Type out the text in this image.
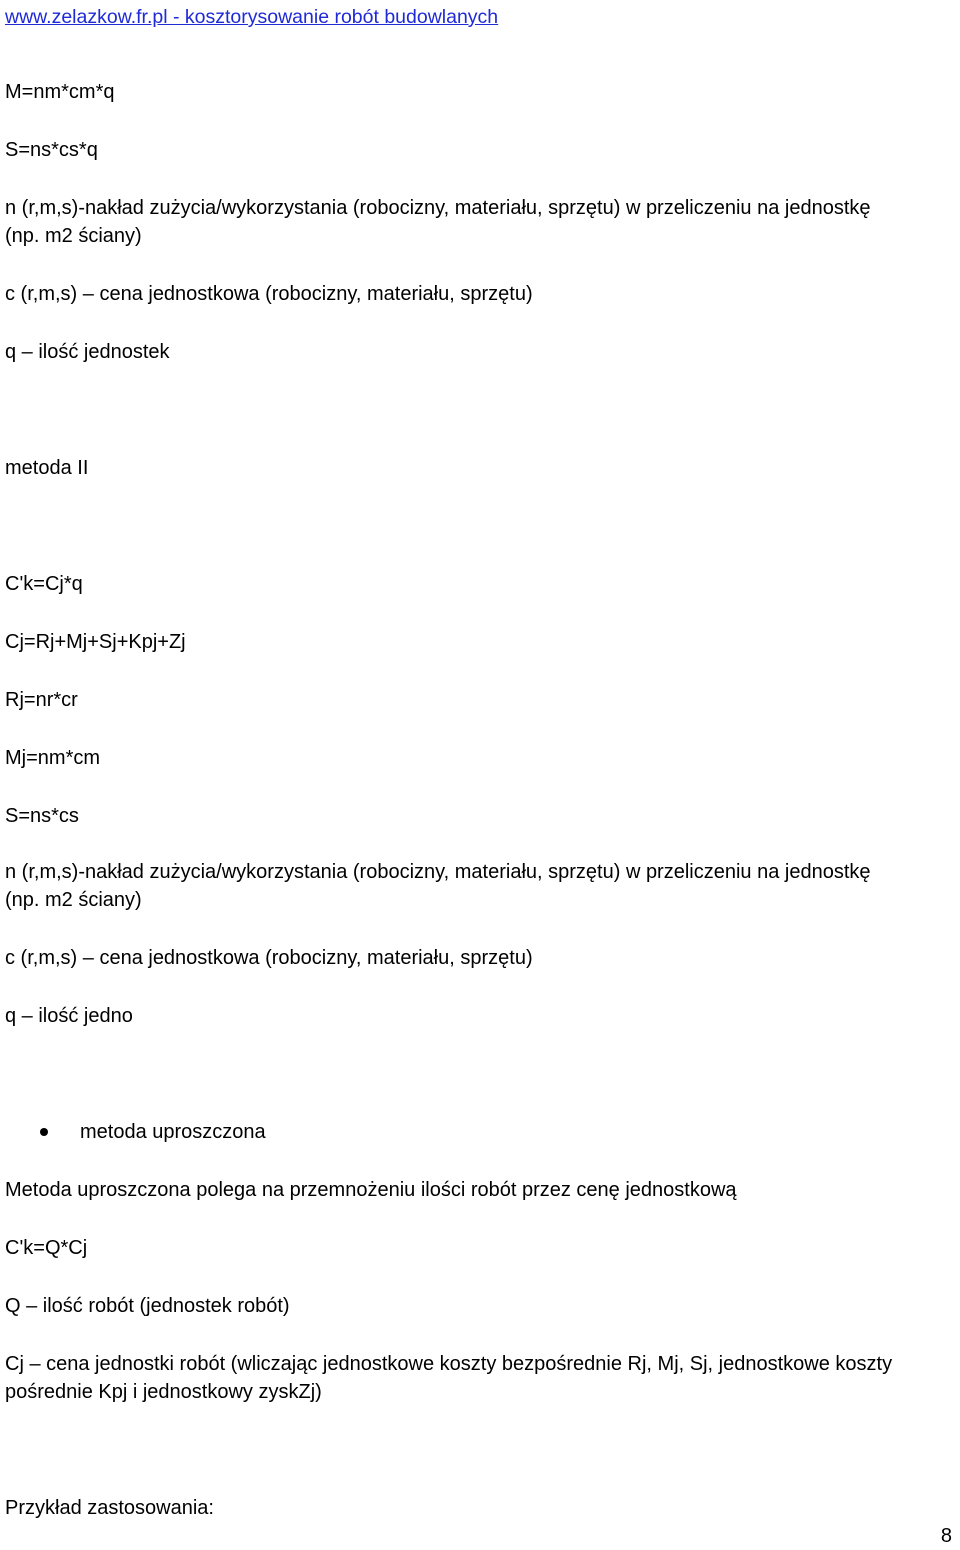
www.zelazkow.fr.pl - kosztorysowanie robót budowlanych
M=nm*cm*q
S=ns*cs*q
n (r,m,s)-nakład zużycia/wykorzystania (robocizny, materiału, sprzętu) w przeliczeniu na jednostkę
(np. m2 ściany)
c (r,m,s) – cena jednostkowa (robocizny, materiału, sprzętu)
q – ilość jednostek
metoda II
C'k=Cj*q
Cj=Rj+Mj+Sj+Kpj+Zj
Rj=nr*cr
Mj=nm*cm
S=ns*cs
n (r,m,s)-nakład zużycia/wykorzystania (robocizny, materiału, sprzętu) w przeliczeniu na jednostkę
(np. m2 ściany)
c (r,m,s) – cena jednostkowa (robocizny, materiału, sprzętu)
q – ilość jedno
metoda uproszczona
Metoda uproszczona polega na przemnożeniu ilości robót przez cenę jednostkową
C'k=Q*Cj
Q – ilość robót (jednostek robót)
Cj – cena jednostki robót (wliczając jednostkowe koszty bezpośrednie Rj, Mj, Sj, jednostkowe koszty
pośrednie Kpj i jednostkowy zyskZj)
Przykład zastosowania:
8
